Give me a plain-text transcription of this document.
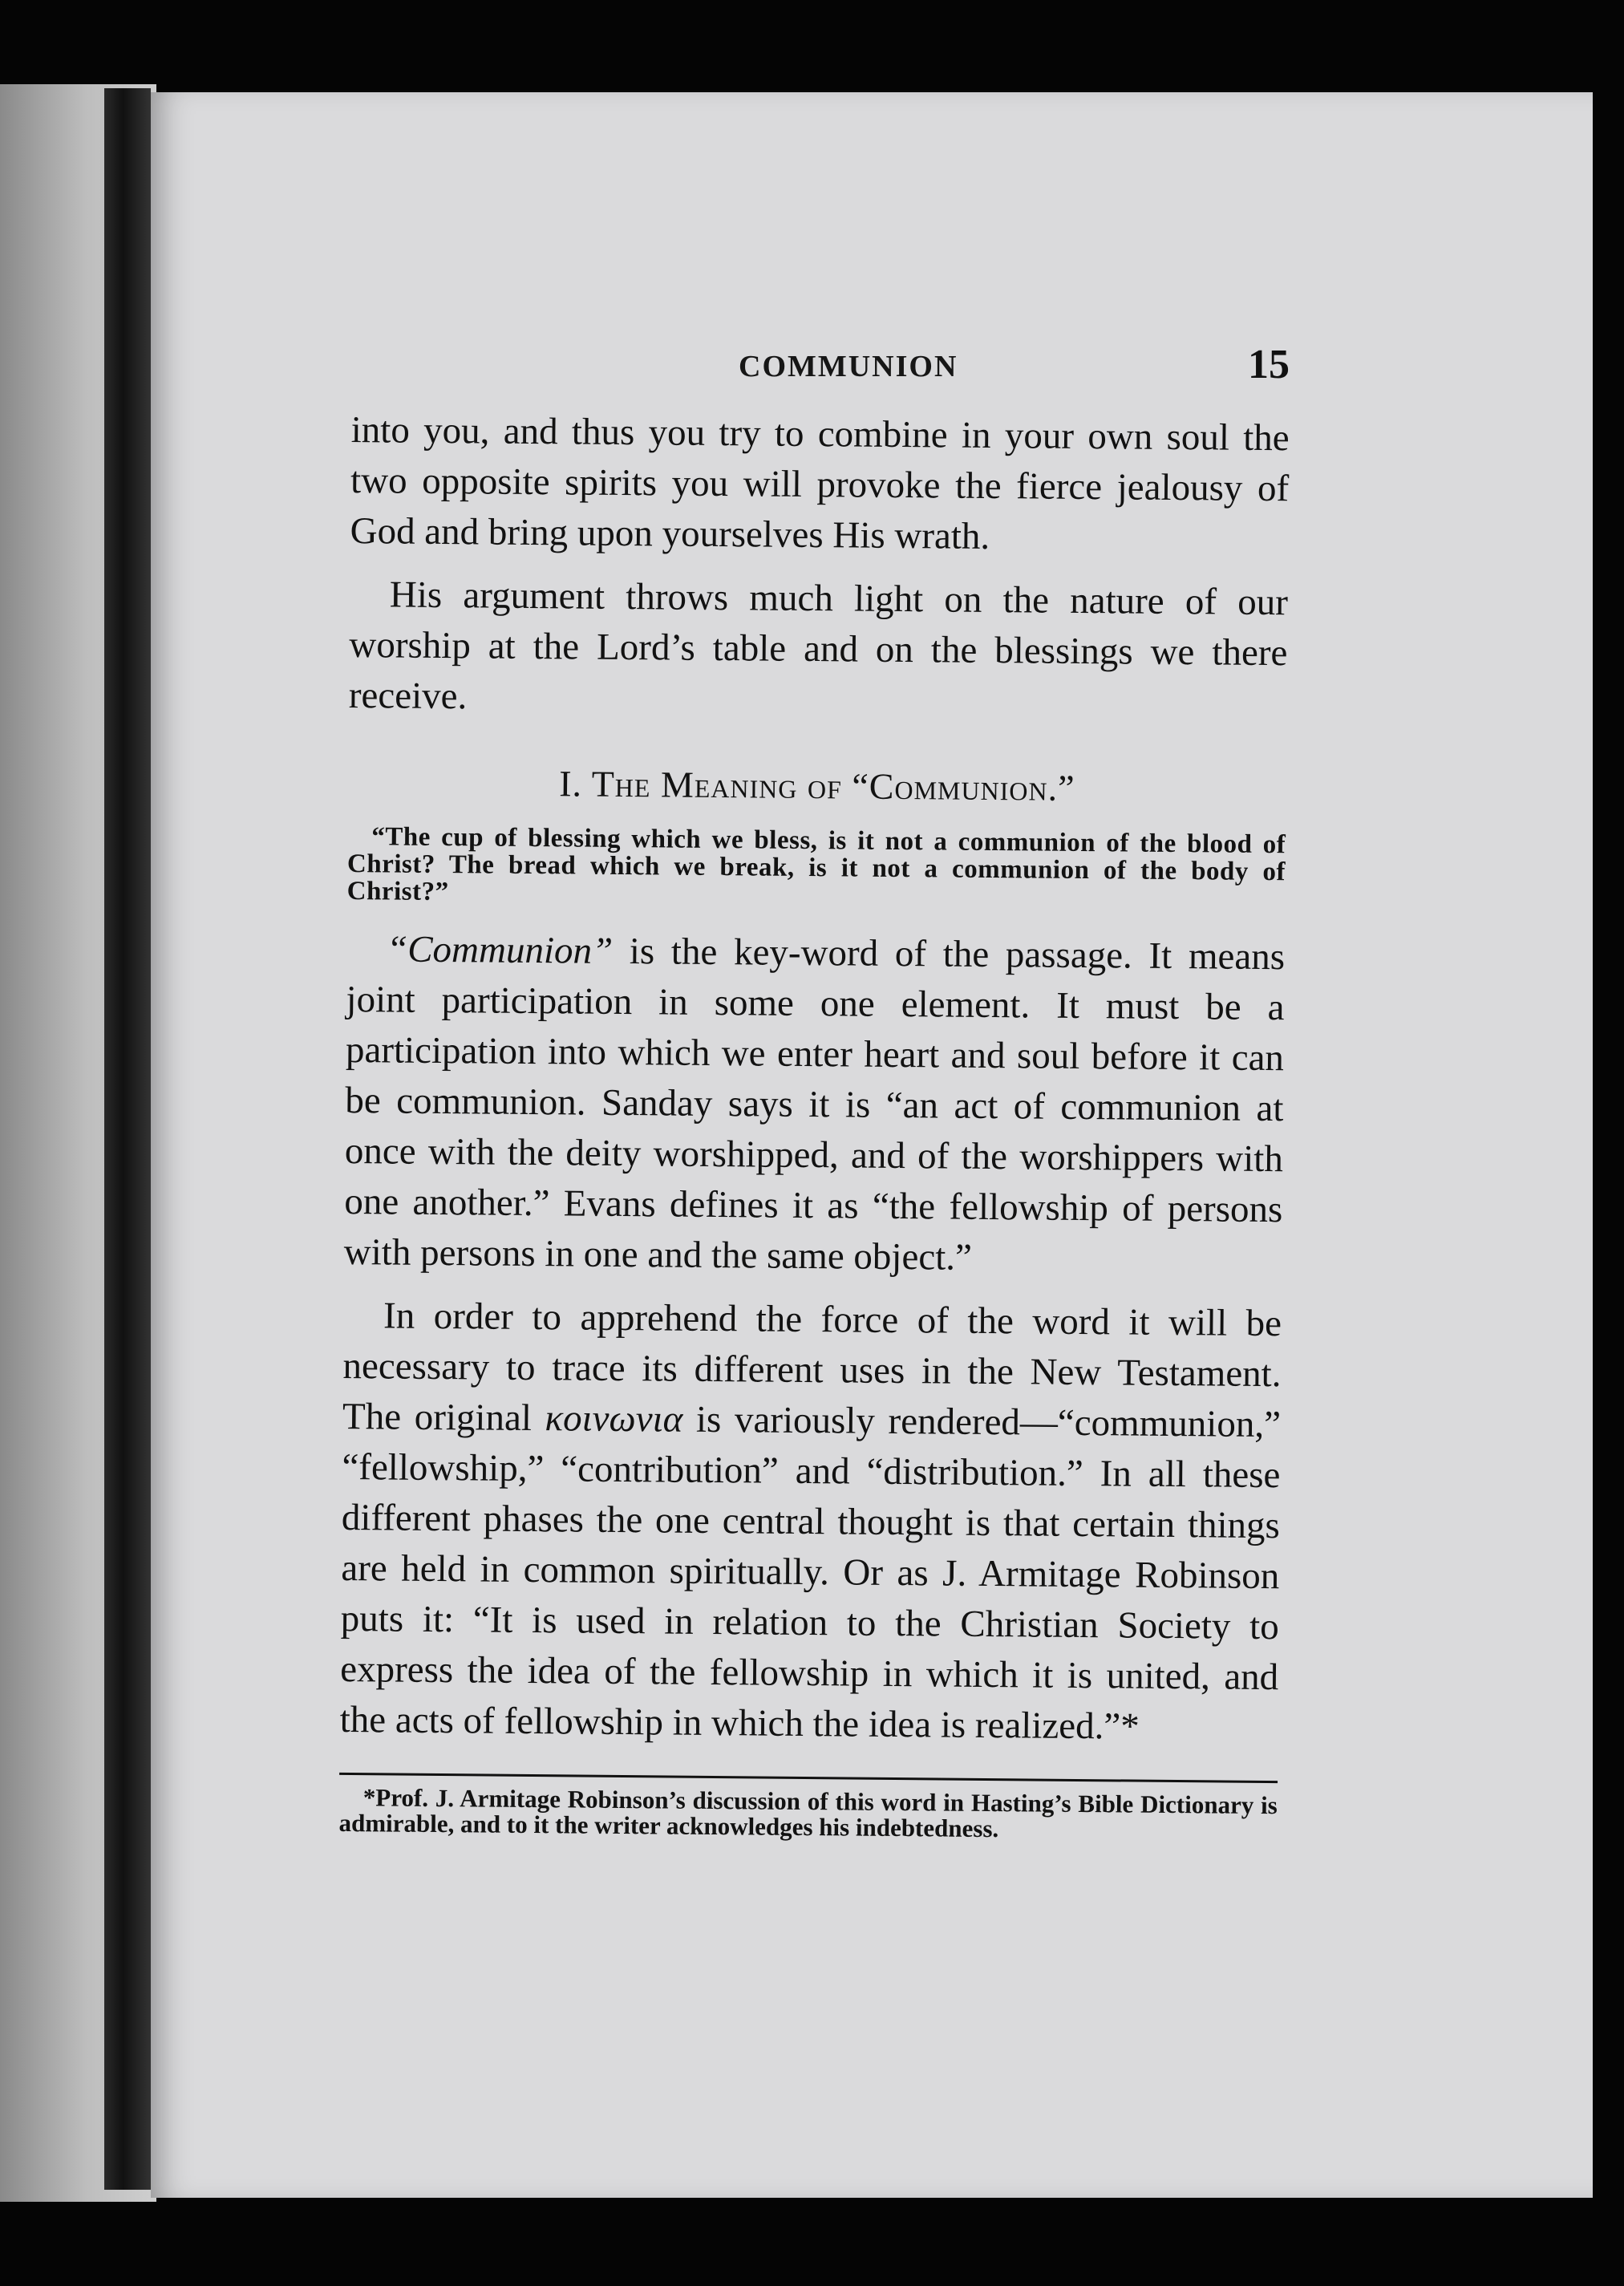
COMMUNION	15

into you, and thus you try to combine in your own soul the two opposite spirits you will provoke the fierce jealousy of God and bring upon yourselves His wrath.

His argument throws much light on the nature of our worship at the Lord’s table and on the blessings we there receive.

I. The Meaning of “Communion.”

“The cup of blessing which we bless, is it not a communion of the blood of Christ? The bread which we break, is it not a communion of the body of Christ?”

“Communion” is the key-word of the passage. It means joint participation in some one element. It must be a participation into which we enter heart and soul before it can be communion. Sanday says it is “an act of communion at once with the deity worshipped, and of the worshippers with one another.” Evans defines it as “the fellowship of persons with persons in one and the same object.”

In order to apprehend the force of the word it will be necessary to trace its different uses in the New Testament. The original κοινωνια is variously rendered—“communion,” “fellowship,” “contribution” and “distribution.” In all these different phases the one central thought is that certain things are held in common spiritually. Or as J. Armitage Robinson puts it: “It is used in relation to the Christian Society to express the idea of the fellowship in which it is united, and the acts of fellowship in which the idea is realized.”*

*Prof. J. Armitage Robinson’s discussion of this word in Hasting’s Bible Dictionary is admirable, and to it the writer acknowledges his indebtedness.
